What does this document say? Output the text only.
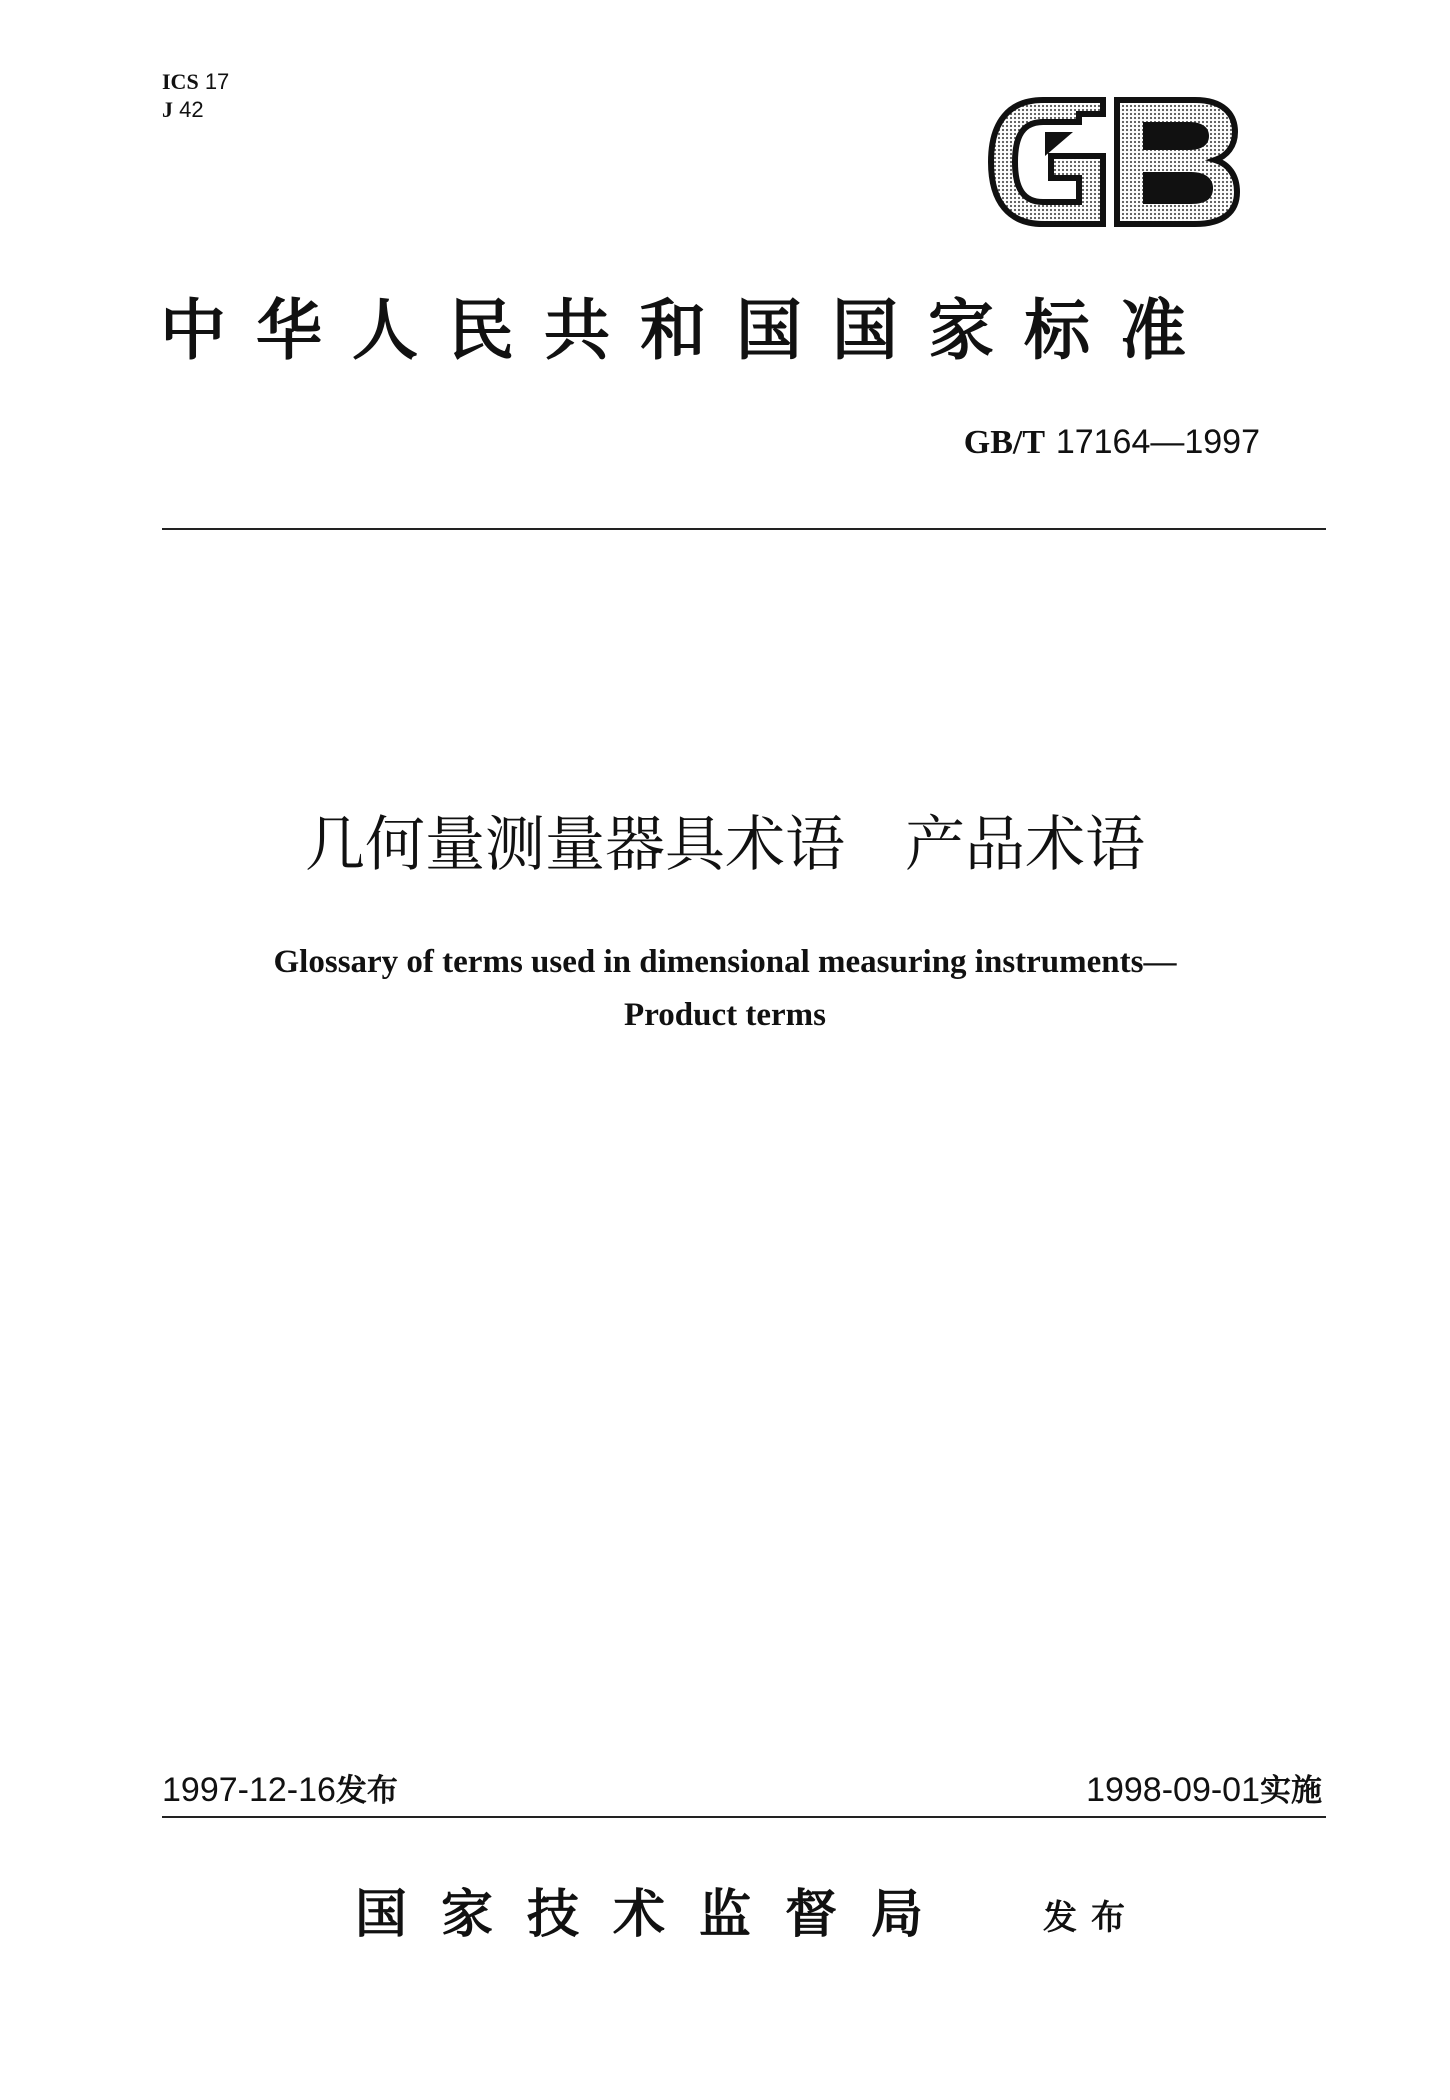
ICS 17
J 42
中华人民共和国国家标准
GB/T 17164—1997
几何量测量器具术语　产品术语
Glossary of terms used in dimensional measuring instruments—
Product terms
1997-12-16发布	1998-09-01实施
国家技术监督局	发布
